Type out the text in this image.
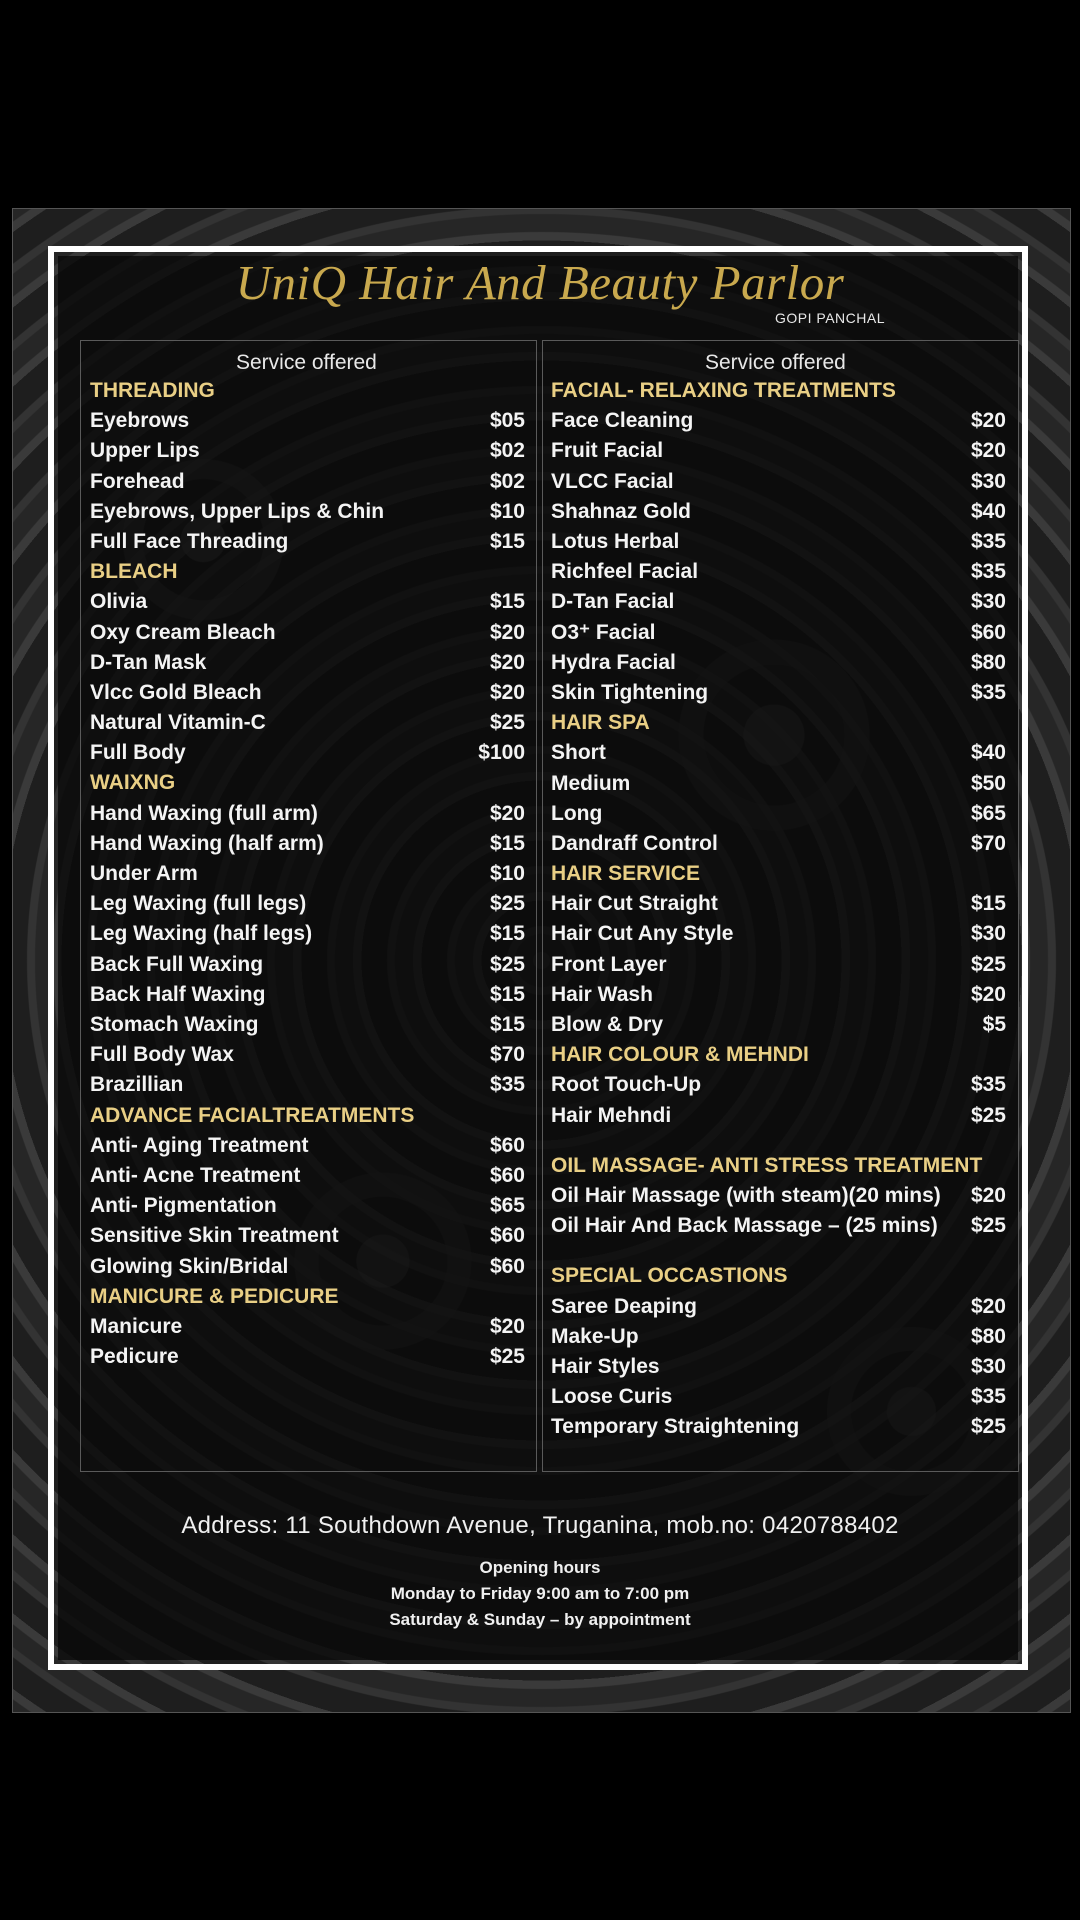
UniQ Hair And Beauty Parlor
GOPI PANCHAL
Service offered
THREADING
Eyebrows	$05
Upper Lips	$02
Forehead	$02
Eyebrows, Upper Lips & Chin	$10
Full Face Threading	$15
BLEACH
Olivia	$15
Oxy Cream Bleach	$20
D-Tan Mask	$20
Vlcc Gold Bleach	$20
Natural Vitamin-C	$25
Full Body	$100
WAIXNG
Hand Waxing (full arm)	$20
Hand Waxing (half arm)	$15
Under Arm	$10
Leg Waxing (full legs)	$25
Leg Waxing (half legs)	$15
Back Full Waxing	$25
Back Half Waxing	$15
Stomach Waxing	$15
Full Body Wax	$70
Brazillian	$35
ADVANCE FACIALTREATMENTS
Anti- Aging Treatment	$60
Anti- Acne Treatment	$60
Anti- Pigmentation	$65
Sensitive Skin Treatment	$60
Glowing Skin/Bridal	$60
MANICURE & PEDICURE
Manicure	$20
Pedicure	$25
Service offered
FACIAL- RELAXING TREATMENTS
Face Cleaning	$20
Fruit Facial	$20
VLCC Facial	$30
Shahnaz Gold	$40
Lotus Herbal	$35
Richfeel Facial	$35
D-Tan Facial	$30
O3⁺ Facial	$60
Hydra Facial	$80
Skin Tightening	$35
HAIR SPA
Short	$40
Medium	$50
Long	$65
Dandraff Control	$70
HAIR SERVICE
Hair Cut Straight	$15
Hair Cut Any Style	$30
Front Layer	$25
Hair Wash	$20
Blow & Dry	$5
HAIR COLOUR & MEHNDI
Root Touch-Up	$35
Hair Mehndi	$25
OIL MASSAGE- ANTI STRESS TREATMENT
Oil Hair Massage (with steam)(20 mins) $20
Oil Hair And Back Massage – (25 mins) $25
SPECIAL OCCASTIONS
Saree Deaping	$20
Make-Up	$80
Hair Styles	$30
Loose Curis	$35
Temporary Straightening	$25
Address: 11 Southdown Avenue, Truganina, mob.no: 0420788402
Opening hours
Monday to Friday 9:00 am to 7:00 pm
Saturday & Sunday – by appointment
